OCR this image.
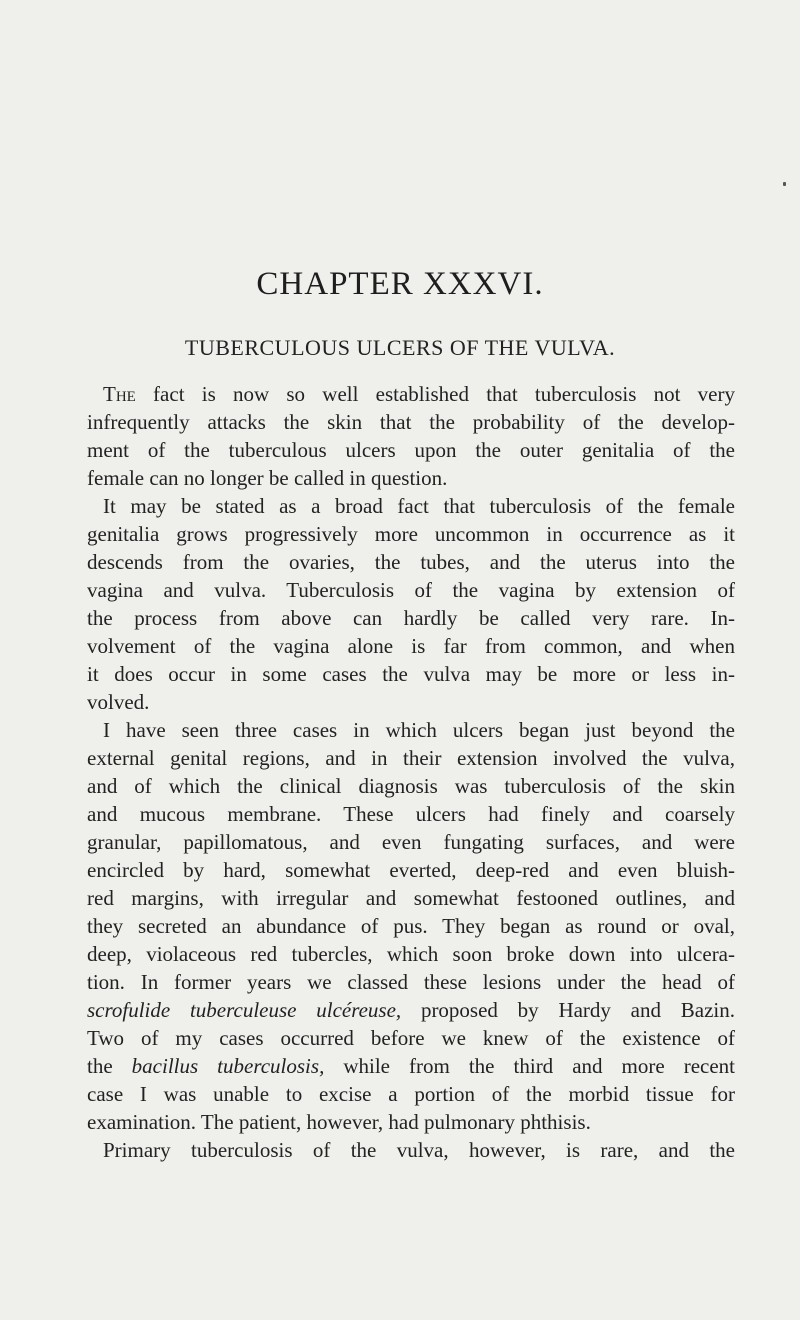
CHAPTER XXXVI.
TUBERCULOUS ULCERS OF THE VULVA.
The fact is now so well established that tuberculosis not very
infrequently attacks the skin that the probability of the develop-
ment of the tuberculous ulcers upon the outer genitalia of the
female can no longer be called in question.
It may be stated as a broad fact that tuberculosis of the female
genitalia grows progressively more uncommon in occurrence as it
descends from the ovaries, the tubes, and the uterus into the
vagina and vulva. Tuberculosis of the vagina by extension of
the process from above can hardly be called very rare. In-
volvement of the vagina alone is far from common, and when
it does occur in some cases the vulva may be more or less in-
volved.
I have seen three cases in which ulcers began just beyond the
external genital regions, and in their extension involved the vulva,
and of which the clinical diagnosis was tuberculosis of the skin
and mucous membrane. These ulcers had finely and coarsely
granular, papillomatous, and even fungating surfaces, and were
encircled by hard, somewhat everted, deep-red and even bluish-
red margins, with irregular and somewhat festooned outlines, and
they secreted an abundance of pus. They began as round or oval,
deep, violaceous red tubercles, which soon broke down into ulcera-
tion. In former years we classed these lesions under the head of
scrofulide tuberculeuse ulcéreuse, proposed by Hardy and Bazin.
Two of my cases occurred before we knew of the existence of
the bacillus tuberculosis, while from the third and more recent
case I was unable to excise a portion of the morbid tissue for
examination. The patient, however, had pulmonary phthisis.
Primary tuberculosis of the vulva, however, is rare, and the
